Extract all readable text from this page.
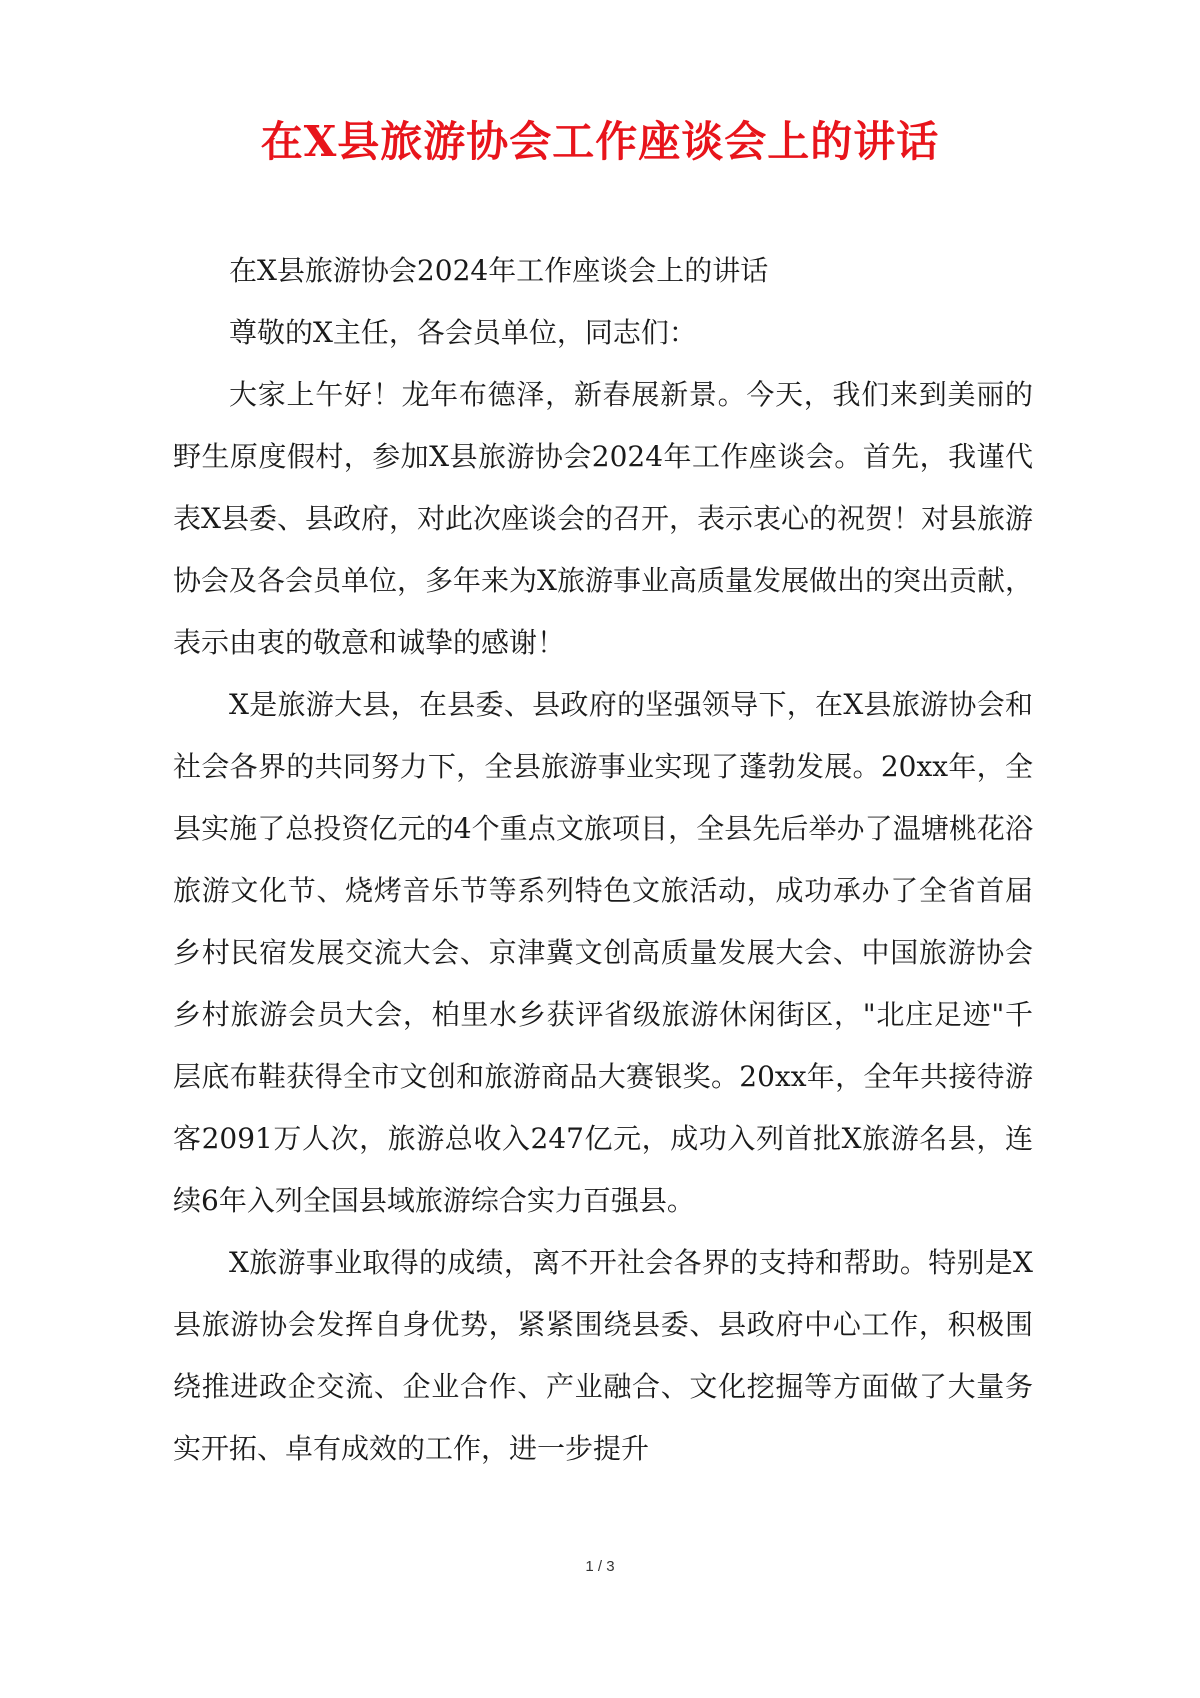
在X县旅游协会工作座谈会上的讲话

在X县旅游协会2024年工作座谈会上的讲话

尊敬的X主任，各会员单位，同志们：

大家上午好！龙年布德泽，新春展新景。今天，我们来到美丽的野生原度假村，参加X县旅游协会2024年工作座谈会。首先，我谨代表X县委、县政府，对此次座谈会的召开，表示衷心的祝贺！对县旅游协会及各会员单位，多年来为X旅游事业高质量发展做出的突出贡献，表示由衷的敬意和诚挚的感谢！

X是旅游大县，在县委、县政府的坚强领导下，在X县旅游协会和社会各界的共同努力下，全县旅游事业实现了蓬勃发展。20xx年，全县实施了总投资亿元的4个重点文旅项目，全县先后举办了温塘桃花浴旅游文化节、烧烤音乐节等系列特色文旅活动，成功承办了全省首届乡村民宿发展交流大会、京津冀文创高质量发展大会、中国旅游协会乡村旅游会员大会，柏里水乡获评省级旅游休闲街区，"北庄足迹"千层底布鞋获得全市文创和旅游商品大赛银奖。20xx年，全年共接待游客2091万人次，旅游总收入247亿元，成功入列首批X旅游名县，连续6年入列全国县域旅游综合实力百强县。

X旅游事业取得的成绩，离不开社会各界的支持和帮助。特别是X县旅游协会发挥自身优势，紧紧围绕县委、县政府中心工作，积极围绕推进政企交流、企业合作、产业融合、文化挖掘等方面做了大量务实开拓、卓有成效的工作，进一步提升

1 / 3
